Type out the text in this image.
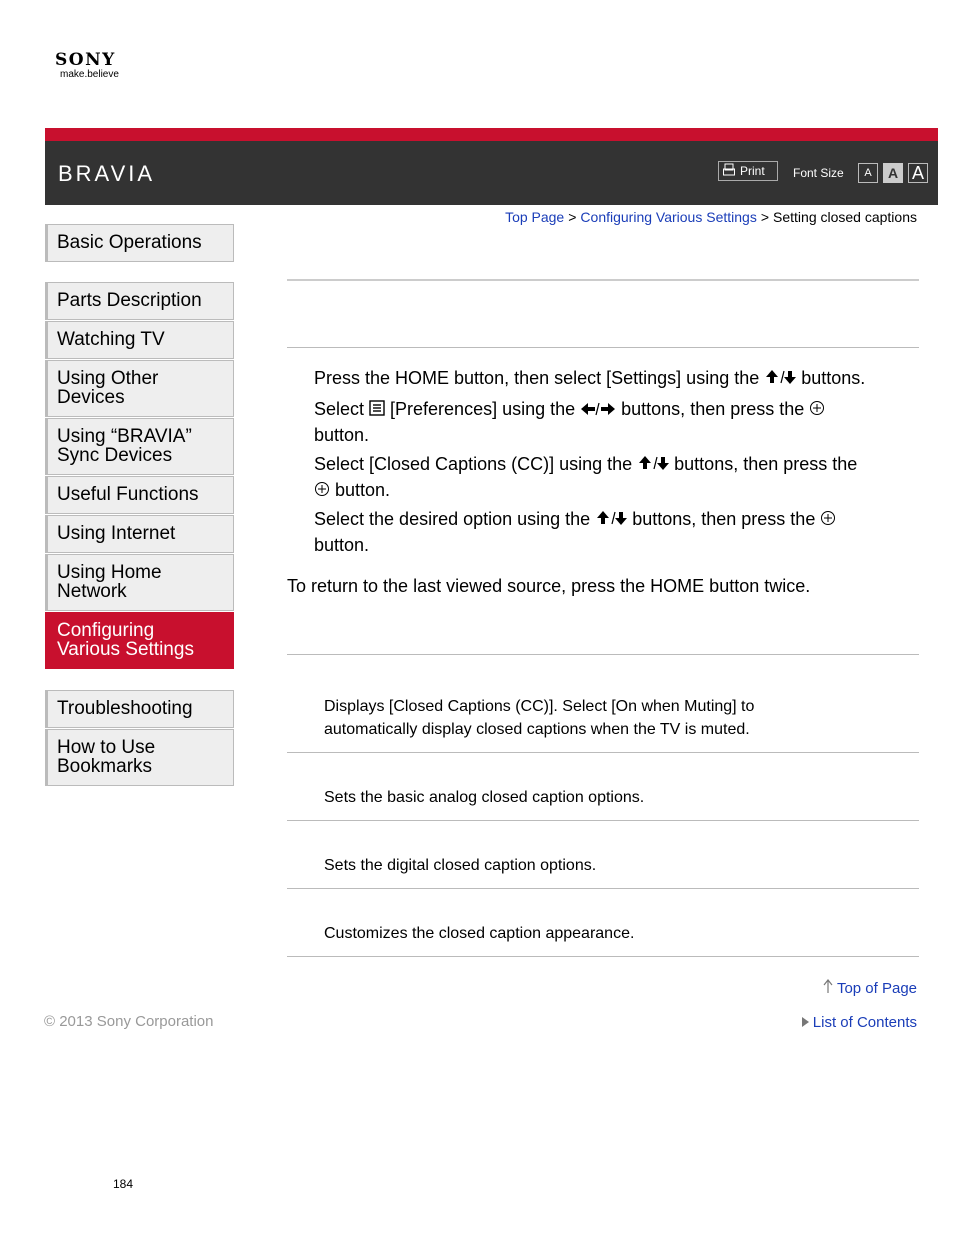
SONY
make.believe
BRAVIA	Print Font Size	A	A A
Top Page > Configuring Various Settings > Setting closed captions
Basic Operations
Parts Description
Watching TV
Using Other
Devices
Using “BRAVIA”
Sync Devices
Useful Functions
Using Internet
Using Home
Network
Configuring
Various Settings
Troubleshooting
How to Use
Bookmarks
Press the HOME button, then select [Settings] using the  buttons.
Select  [Preferences] using the  buttons, then press the
button.
Select [Closed Captions (CC)] using the  buttons, then press the
button.
Select the desired option using the  buttons, then press the
button.
To return to the last viewed source, press the HOME button twice.
Displays [Closed Captions (CC)]. Select [On when Muting] to
automatically display closed captions when the TV is muted.
Sets the basic analog closed caption options.
Sets the digital closed caption options.
Customizes the closed caption appearance.
Top of Page
List of Contents
© 2013 Sony Corporation
184
